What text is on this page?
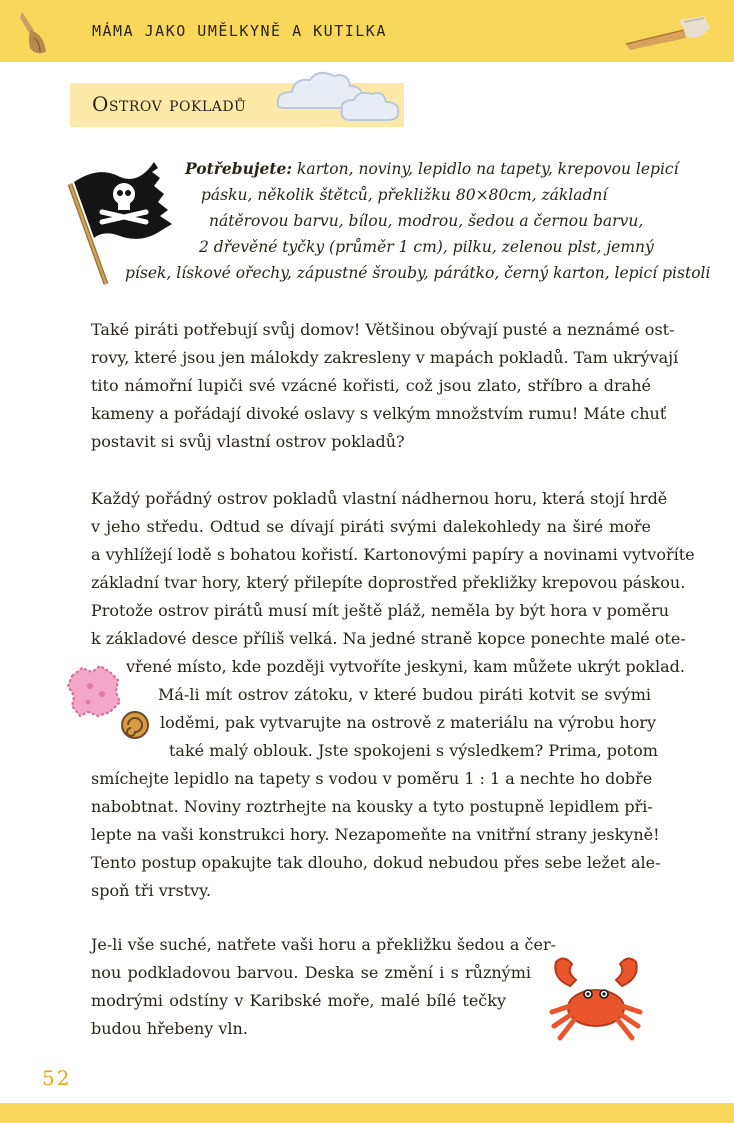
MÁMA JAKO UMĚLKYNĚ A KUTILKA
Ostrov pokladů
Potřebujete: karton, noviny, lepidlo na tapety, krepovou lepicí
pásku, několik štětců, překližku 80×80cm, základní
nátěrovou barvu, bílou, modrou, šedou a černou barvu,
2 dřevěné tyčky (průměr 1 cm), pilku, zelenou plst, jemný
písek, lískové ořechy, zápustné šrouby, párátko, černý karton, lepicí pistoli
Také piráti potřebují svůj domov! Většinou obývají pusté a neznámé ost-
rovy, které jsou jen málokdy zakresleny v mapách pokladů. Tam ukrývají
tito námořní lupiči své vzácné kořisti, což jsou zlato, stříbro a drahé
kameny a pořádají divoké oslavy s velkým množstvím rumu! Máte chuť
postavit si svůj vlastní ostrov pokladů?
Každý pořádný ostrov pokladů vlastní nádhernou horu, která stojí hrdě
v jeho středu. Odtud se dívají piráti svými dalekohledy na širé moře
a vyhlížejí lodě s bohatou kořistí. Kartonovými papíry a novinami vytvoříte
základní tvar hory, který přilepíte doprostřed překližky krepovou páskou.
Protože ostrov pirátů musí mít ještě pláž, neměla by být hora v poměru
k základové desce příliš velká. Na jedné straně kopce ponechte malé ote-
vřené místo, kde později vytvoříte jeskyni, kam můžete ukrýt poklad.
Má-li mít ostrov zátoku, v které budou piráti kotvit se svými
loděmi, pak vytvarujte na ostrově z materiálu na výrobu hory
také malý oblouk. Jste spokojeni s výsledkem? Prima, potom
smíchejte lepidlo na tapety s vodou v poměru 1 : 1 a nechte ho dobře
nabobtnat. Noviny roztrhejte na kousky a tyto postupně lepidlem při-
lepte na vaši konstrukci hory. Nezapomeňte na vnitřní strany jeskyně!
Tento postup opakujte tak dlouho, dokud nebudou přes sebe ležet ale-
spoň tři vrstvy.
Je-li vše suché, natřete vaši horu a překližku šedou a čer-
nou podkladovou barvou. Deska se změní i s různými
modrými odstíny v Karibské moře, malé bílé tečky
budou hřebeny vln.
52
